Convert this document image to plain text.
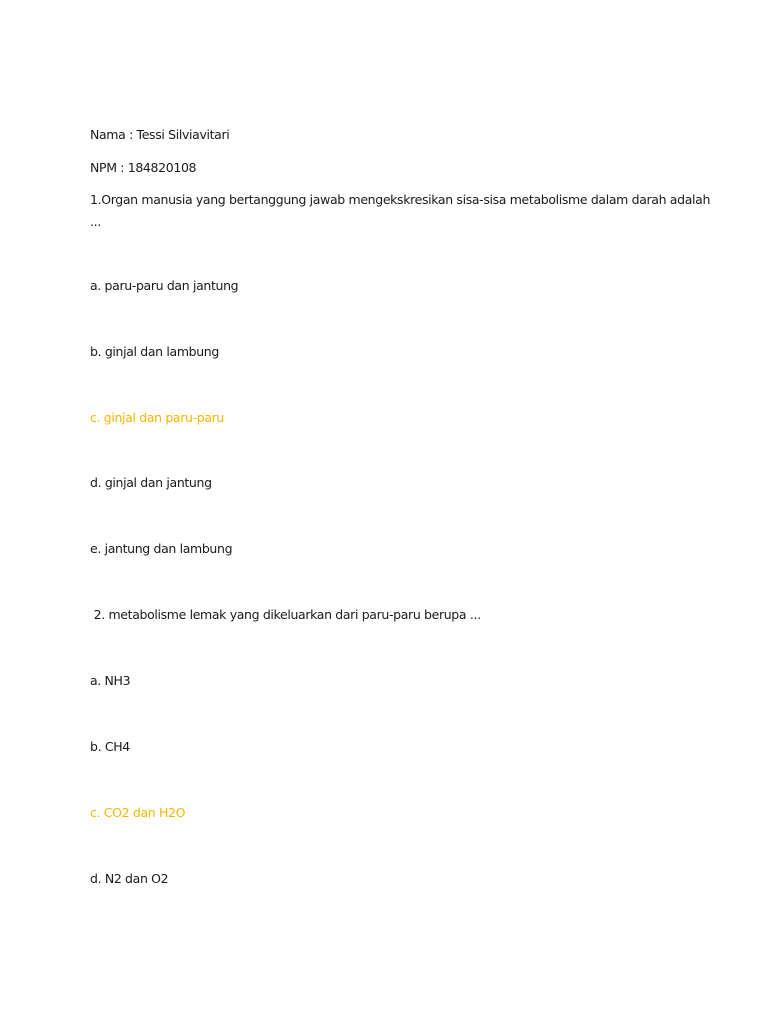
Nama : Tessi Silviavitari
NPM : 184820108
1.Organ manusia yang bertanggung jawab mengekskresikan sisa-sisa metabolisme dalam darah adalah
...
a. paru-paru dan jantung
b. ginjal dan lambung
c. ginjal dan paru-paru
d. ginjal dan jantung
e. jantung dan lambung
2. metabolisme lemak yang dikeluarkan dari paru-paru berupa ...
a. NH3
b. CH4
c. CO2 dan H2O
d. N2 dan O2
